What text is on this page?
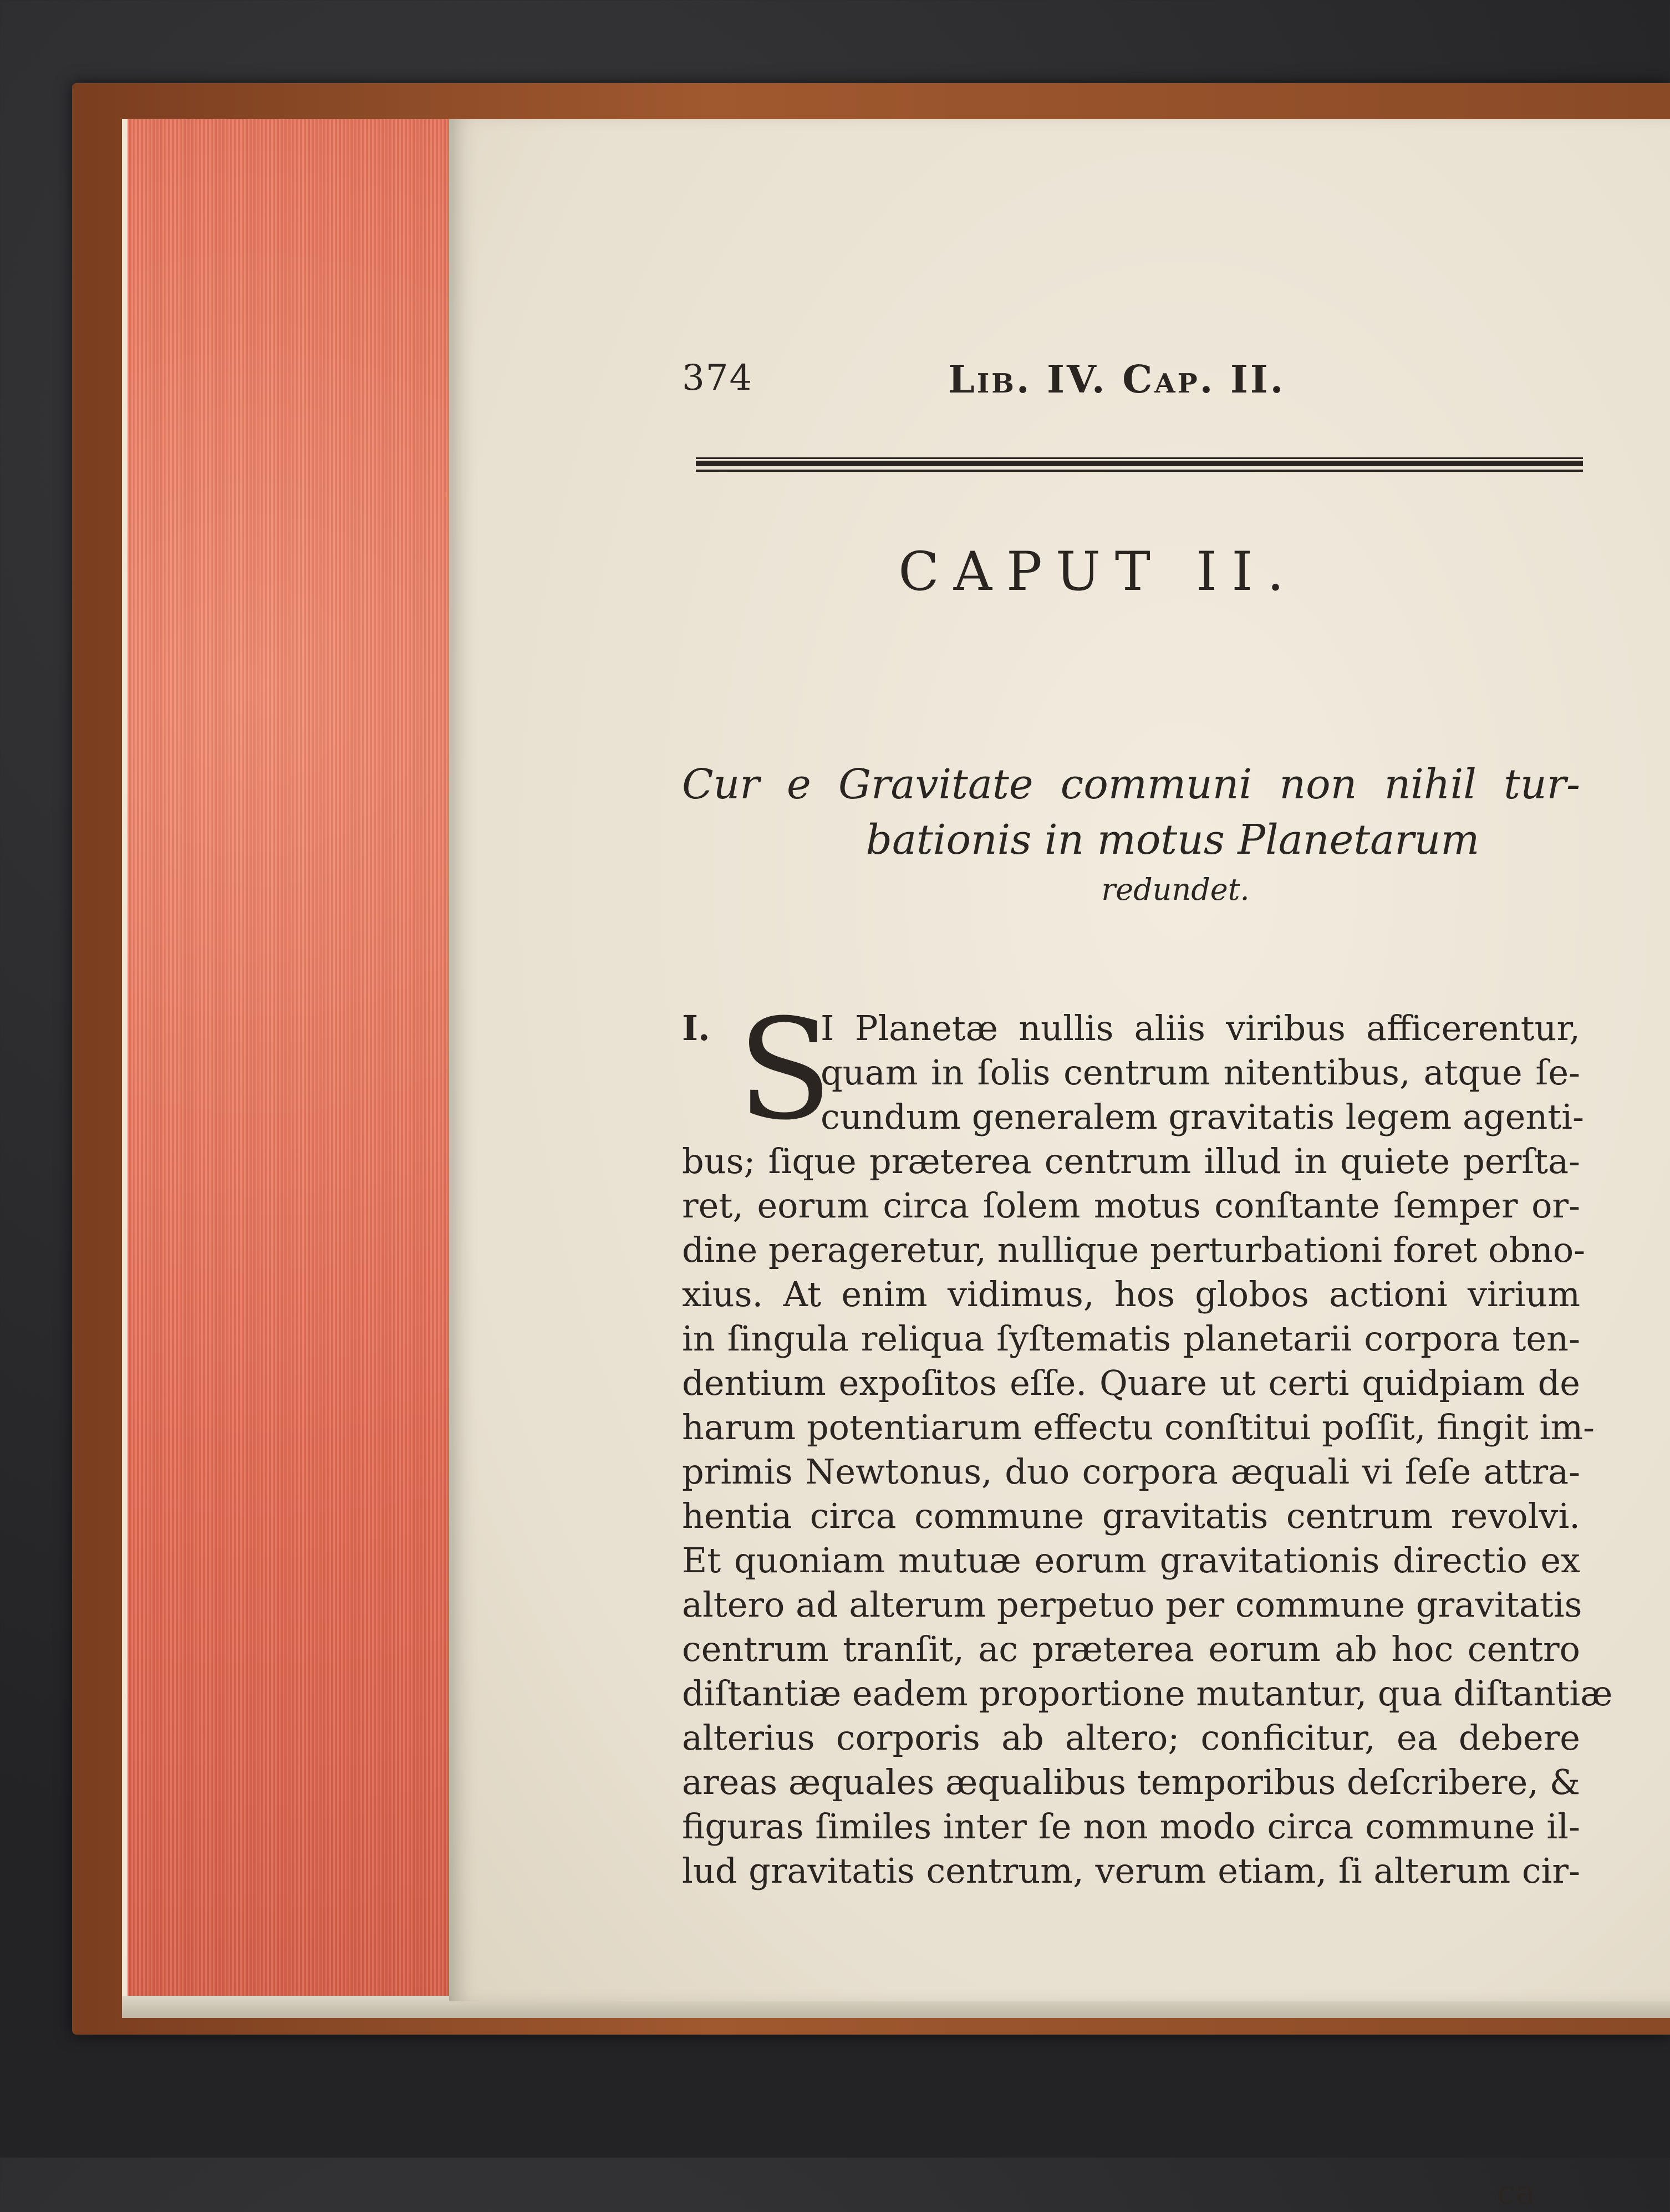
374	Lib. IV. Cap. II.
CAPUT II.
Cur e Gravitate communi non nihil tur-
bationis in motus Planetarum
redundet.
I. S
I Planetæ nullis aliis viribus afficerentur,
quam in ſolis centrum nitentibus, atque ſe-
cundum generalem gravitatis legem agenti-
bus; ſique præterea centrum illud in quiete perſta-
ret, eorum circa ſolem motus conſtante ſemper or-
dine perageretur, nullique perturbationi foret obno-
xius. At enim vidimus, hos globos actioni virium
in ſingula reliqua ſyſtematis planetarii corpora ten-
dentium expoſitos eſſe. Quare ut certi quidpiam de
harum potentiarum effectu conſtitui poſſit, fingit im-
primis Newtonus, duo corpora æquali vi ſeſe attra-
hentia circa commune gravitatis centrum revolvi.
Et quoniam mutuæ eorum gravitationis directio ex
altero ad alterum perpetuo per commune gravitatis
centrum tranſit, ac præterea eorum ab hoc centro
diſtantiæ eadem proportione mutantur, qua diſtantiæ
alterius corporis ab altero; conficitur, ea debere
areas æquales æqualibus temporibus deſcribere, &
figuras ſimiles inter ſe non modo circa commune il-
lud gravitatis centrum, verum etiam, ſi alterum cir-
ca
